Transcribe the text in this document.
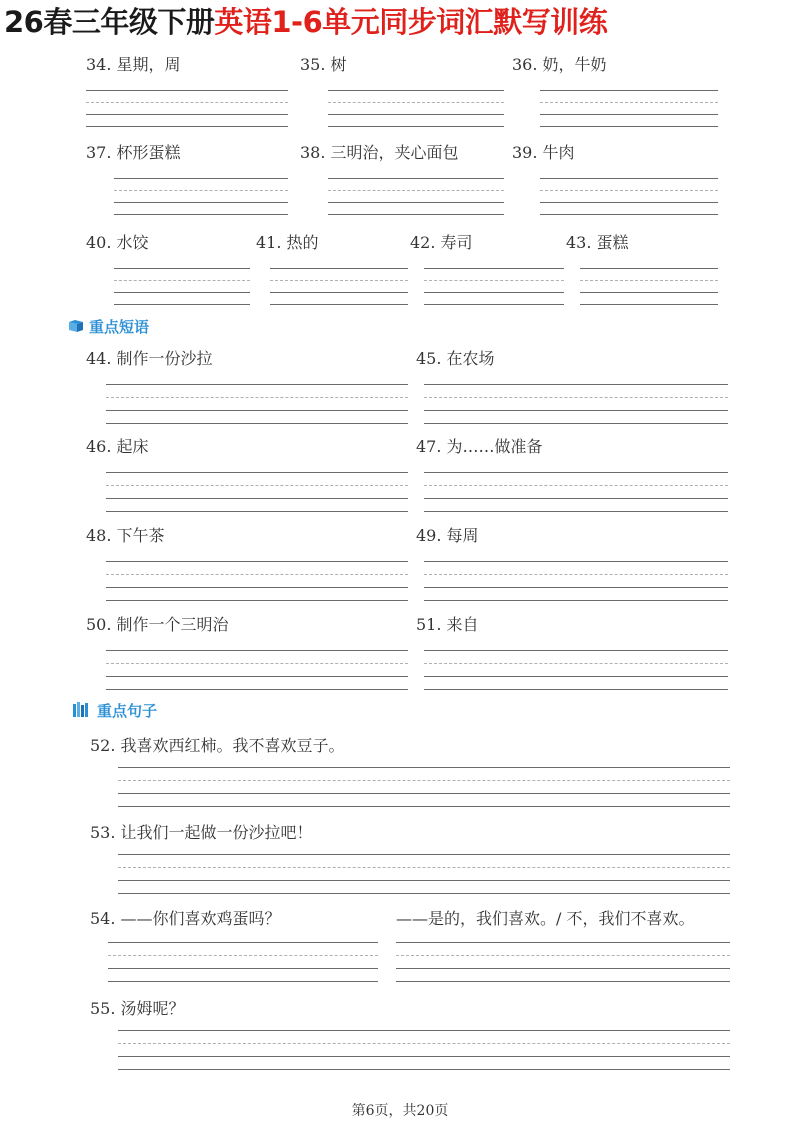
26春三年级下册英语1-6单元同步词汇默写训练
34. 星期，周	35. 树	36. 奶，牛奶
37. 杯形蛋糕	38. 三明治，夹心面包	39. 牛肉
40. 水饺	41. 热的	42. 寿司	43. 蛋糕
重点短语
44. 制作一份沙拉	45. 在农场
46. 起床	47. 为……做准备
48. 下午茶	49. 每周
50. 制作一个三明治	51. 来自
重点句子
52. 我喜欢西红柿。我不喜欢豆子。
53. 让我们一起做一份沙拉吧！
54. ——你们喜欢鸡蛋吗？	——是的，我们喜欢。/ 不，我们不喜欢。
55. 汤姆呢？
第6页，共20页
